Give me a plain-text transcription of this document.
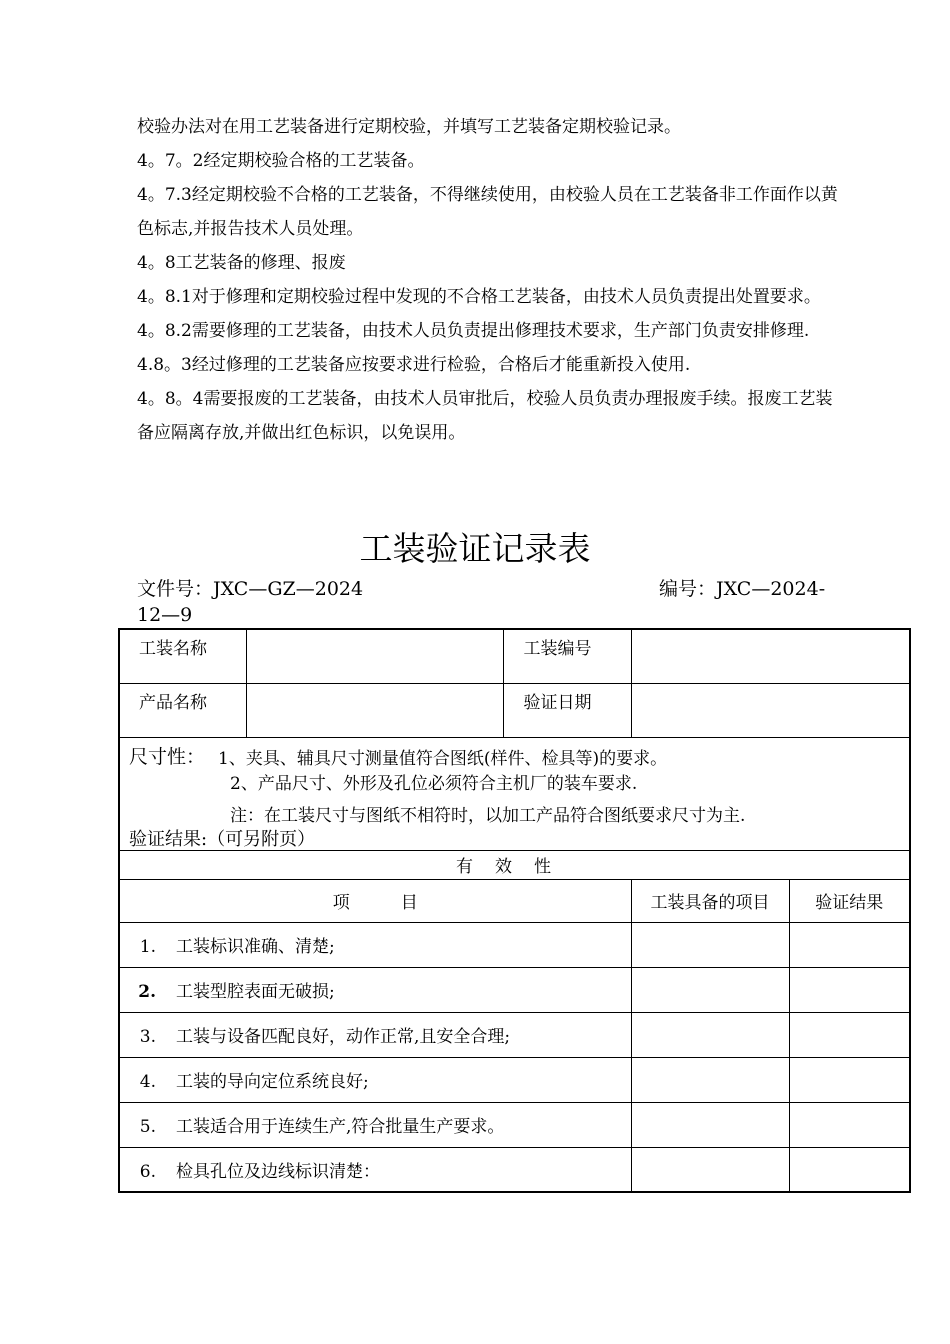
校验办法对在用工艺装备进行定期校验，并填写工艺装备定期校验记录。

4。7。2经定期校验合格的工艺装备。

4。7.3经定期校验不合格的工艺装备，不得继续使用，由校验人员在工艺装备非工作面作以黄色标志,并报告技术人员处理。

4。8工艺装备的修理、报废

4。8.1对于修理和定期校验过程中发现的不合格工艺装备，由技术人员负责提出处置要求。

4。8.2需要修理的工艺装备，由技术人员负责提出修理技术要求，生产部门负责安排修理.

4.8。3经过修理的工艺装备应按要求进行检验，合格后才能重新投入使用.

4。8。4需要报废的工艺装备，由技术人员审批后，校验人员负责办理报废手续。报废工艺装备应隔离存放,并做出红色标识，以免误用。

工装验证记录表
文件号：JXC—GZ—2024	编号：JXC—2024-
12—9
工装名称		工装编号		
产品名称		验证日期		

尺寸性： 1、夹具、辅具尺寸测量值符合图纸(样件、检具等)的要求。
2、产品尺寸、外形及孔位必须符合主机厂的装车要求.
注：在工装尺寸与图纸不相符时，以加工产品符合图纸要求尺寸为主.
验证结果:（可另附页）				

有效性				
项　　　目			工装具备的项目	验证结果
1. 工装标识准确、清楚;				
2. 工装型腔表面无破损;				
3. 工装与设备匹配良好，动作正常,且安全合理;				
4. 工装的导向定位系统良好;				
5. 工装适合用于连续生产,符合批量生产要求。				
6. 检具孔位及边线标识清楚：				
